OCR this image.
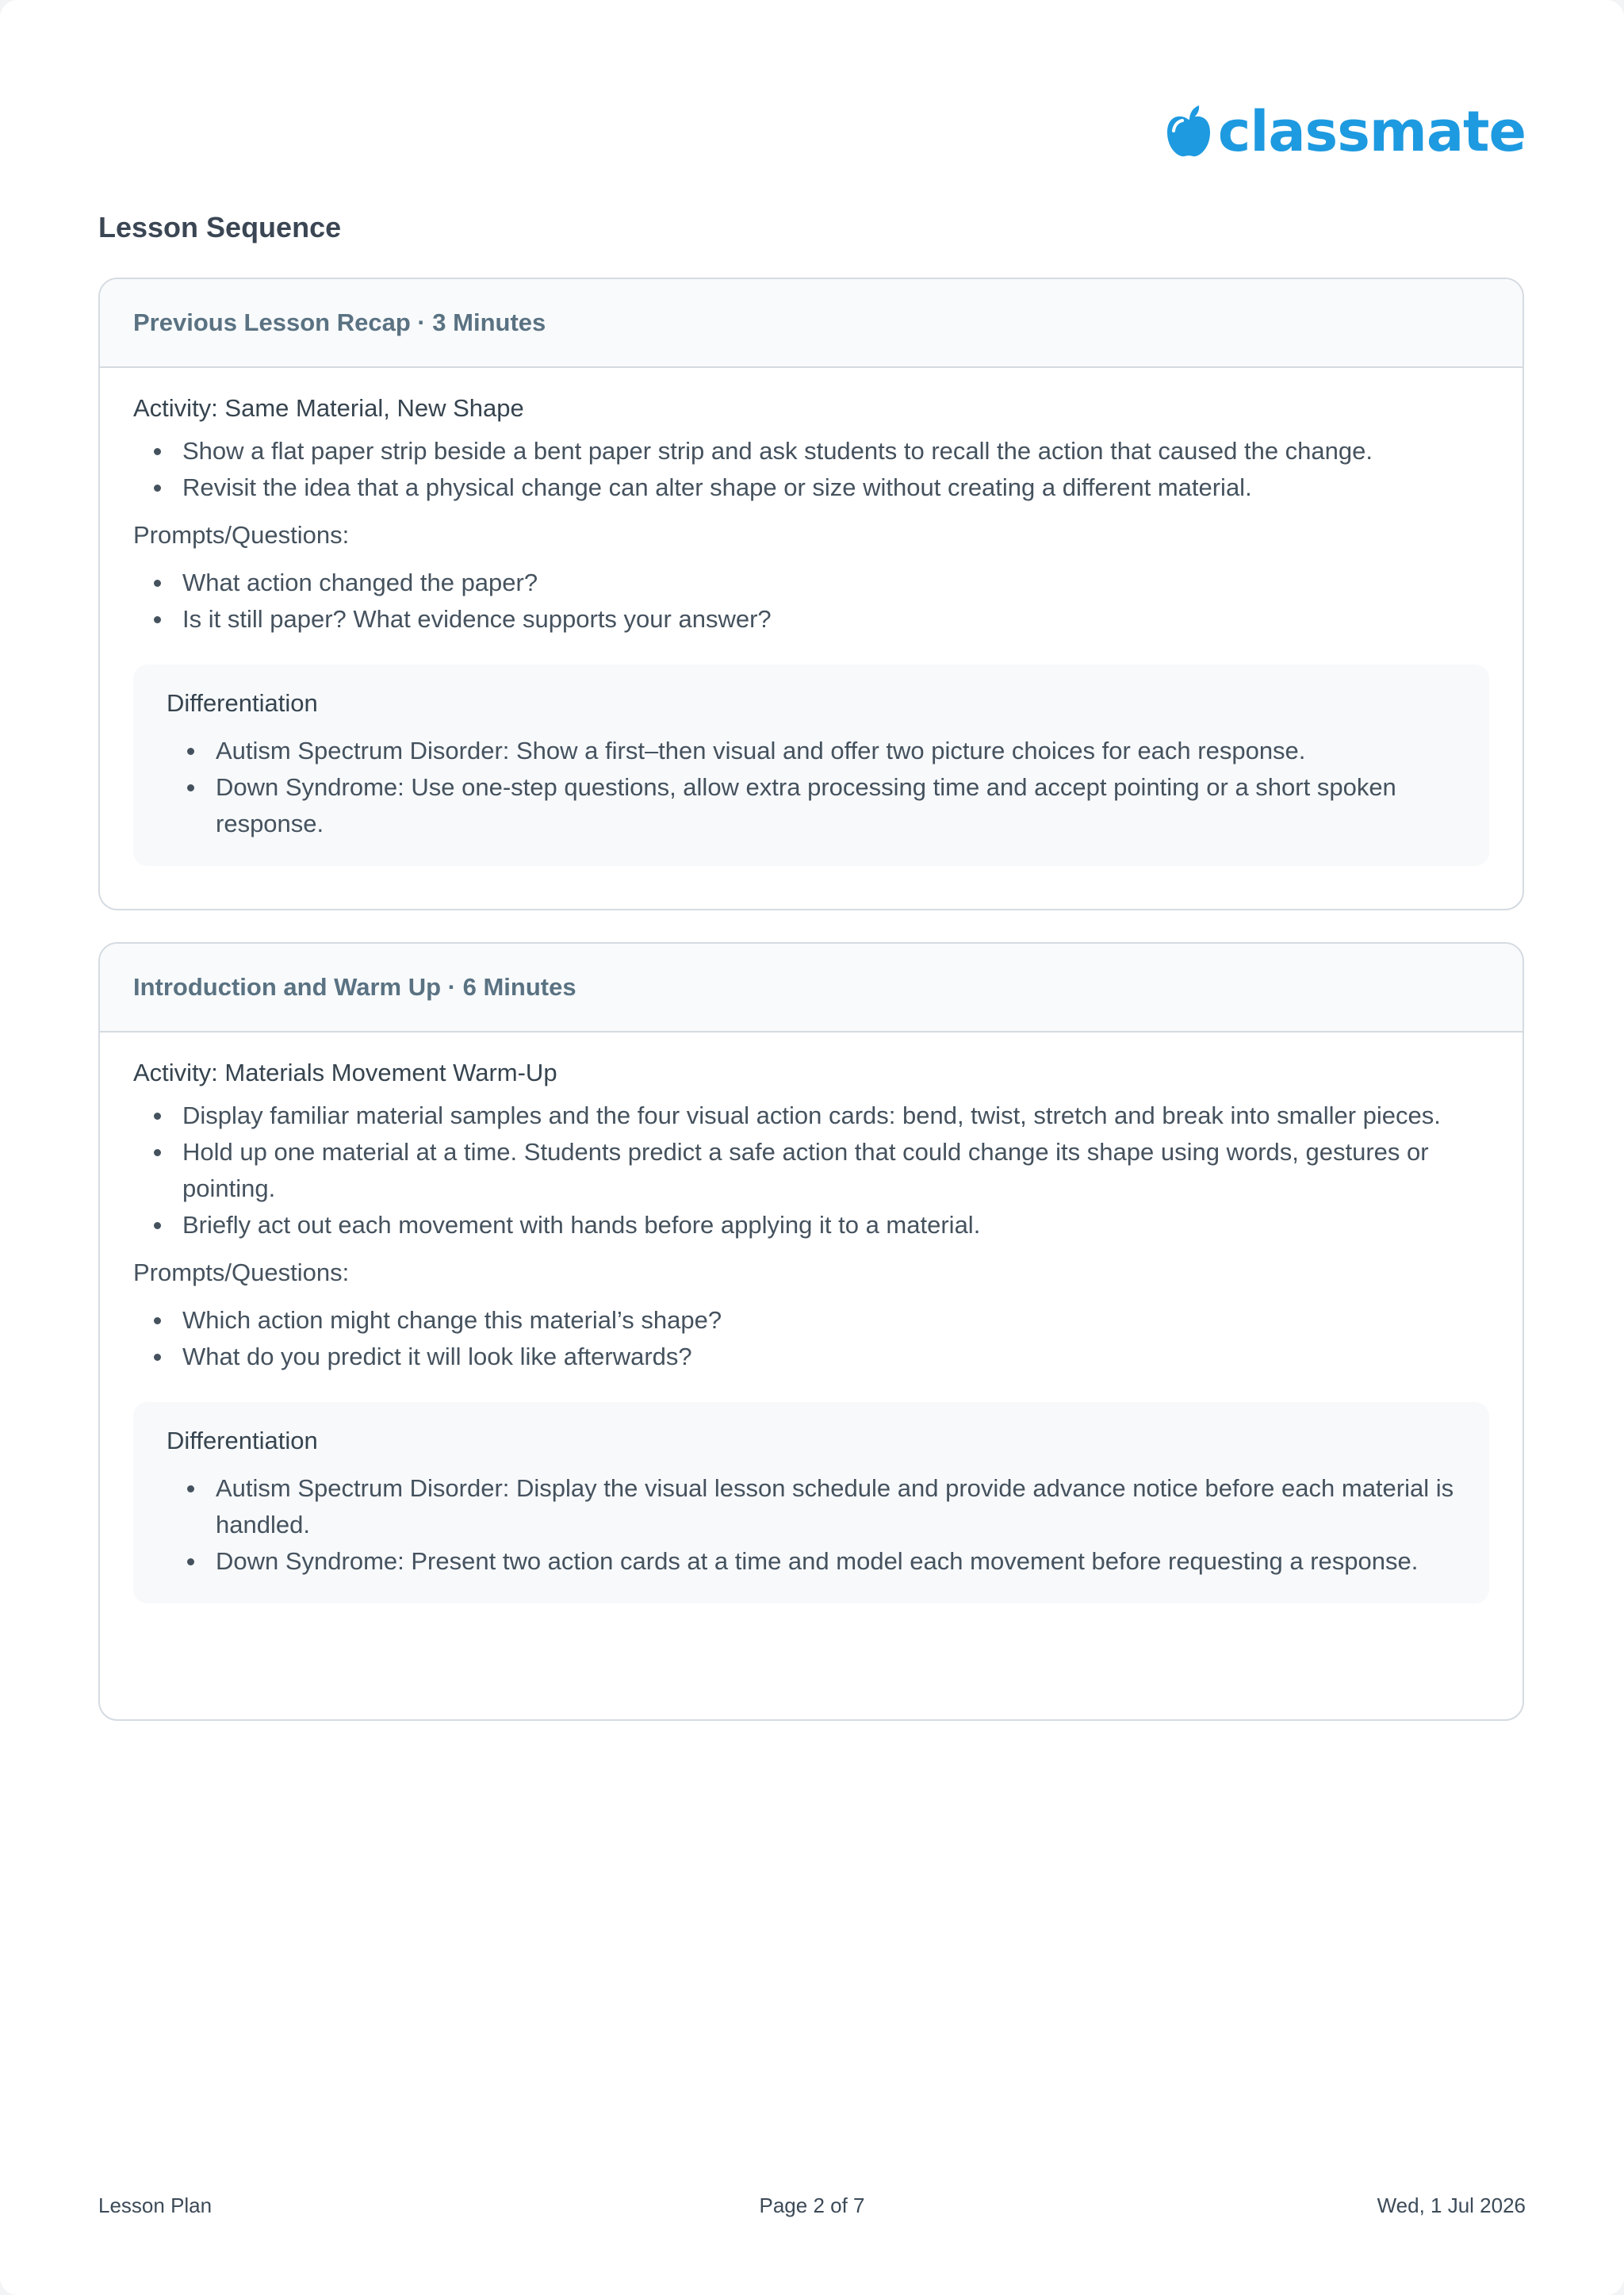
classmate
Lesson Sequence
Previous Lesson Recap · 3 Minutes
Activity: Same Material, New Shape
Show a flat paper strip beside a bent paper strip and ask students to recall the action that caused the change.
Revisit the idea that a physical change can alter shape or size without creating a different material.
Prompts/Questions:
What action changed the paper?
Is it still paper? What evidence supports your answer?
Differentiation
Autism Spectrum Disorder: Show a first–then visual and offer two picture choices for each response.
Down Syndrome: Use one-step questions, allow extra processing time and accept pointing or a short spoken response.
Introduction and Warm Up · 6 Minutes
Activity: Materials Movement Warm-Up
Display familiar material samples and the four visual action cards: bend, twist, stretch and break into smaller pieces.
Hold up one material at a time. Students predict a safe action that could change its shape using words, gestures or pointing.
Briefly act out each movement with hands before applying it to a material.
Prompts/Questions:
Which action might change this material’s shape?
What do you predict it will look like afterwards?
Differentiation
Autism Spectrum Disorder: Display the visual lesson schedule and provide advance notice before each material is handled.
Down Syndrome: Present two action cards at a time and model each movement before requesting a response.
Lesson Plan	Page 2 of 7	Wed, 1 Jul 2026
